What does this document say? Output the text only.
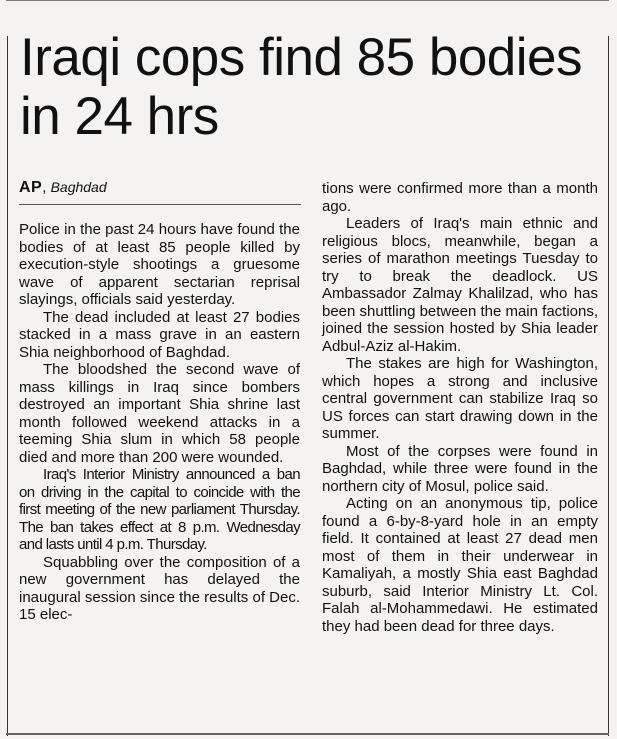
Iraqi cops find 85 bodies in 24 hrs
AP, Baghdad

Police in the past 24 hours have found the bodies of at least 85 people killed by execution-style shootings a gruesome wave of apparent sectarian reprisal slayings, officials said yesterday.

The dead included at least 27 bodies stacked in a mass grave in an eastern Shia neighborhood of Baghdad.

The bloodshed the second wave of mass killings in Iraq since bombers destroyed an important Shia shrine last month followed weekend attacks in a teeming Shia slum in which 58 people died and more than 200 were wounded.

Iraq's Interior Ministry announced a ban on driving in the capital to coincide with the first meeting of the new parliament Thursday. The ban takes effect at 8 p.m. Wednesday and lasts until 4 p.m. Thursday.

Squabbling over the composition of a new government has delayed the inaugural session since the results of Dec. 15 elec-

tions were confirmed more than a month ago.

Leaders of Iraq's main ethnic and religious blocs, meanwhile, began a series of marathon meetings Tuesday to try to break the deadlock. US Ambassador Zalmay Khalilzad, who has been shuttling between the main factions, joined the session hosted by Shia leader Adbul-Aziz al-Hakim.

The stakes are high for Washington, which hopes a strong and inclusive central government can stabilize Iraq so US forces can start drawing down in the summer.

Most of the corpses were found in Baghdad, while three were found in the northern city of Mosul, police said.

Acting on an anonymous tip, police found a 6-by-8-yard hole in an empty field. It contained at least 27 dead men most of them in their underwear in Kamaliyah, a mostly Shia east Baghdad suburb, said Interior Ministry Lt. Col. Falah al-Mohammedawi. He estimated they had been dead for three days.
